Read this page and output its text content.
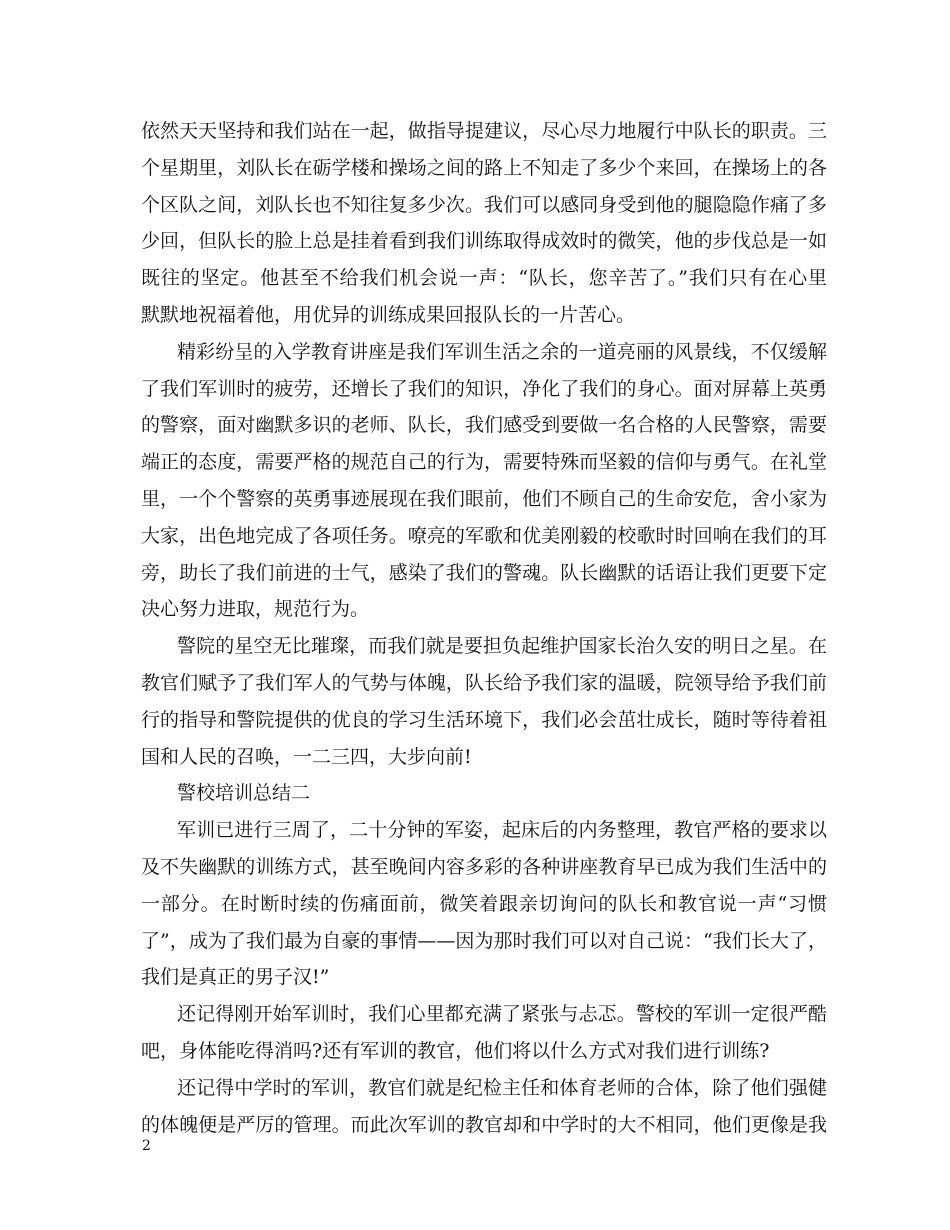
依然天天坚持和我们站在一起，做指导提建议，尽心尽力地履行中队长的职责。三
个星期里，刘队长在砺学楼和操场之间的路上不知走了多少个来回，在操场上的各
个区队之间，刘队长也不知往复多少次。我们可以感同身受到他的腿隐隐作痛了多
少回，但队长的脸上总是挂着看到我们训练取得成效时的微笑，他的步伐总是一如
既往的坚定。他甚至不给我们机会说一声：“队长，您辛苦了。”我们只有在心里
默默地祝福着他，用优异的训练成果回报队长的一片苦心。
精彩纷呈的入学教育讲座是我们军训生活之余的一道亮丽的风景线，不仅缓解
了我们军训时的疲劳，还增长了我们的知识，净化了我们的身心。面对屏幕上英勇
的警察，面对幽默多识的老师、队长，我们感受到要做一名合格的人民警察，需要
端正的态度，需要严格的规范自己的行为，需要特殊而坚毅的信仰与勇气。在礼堂
里，一个个警察的英勇事迹展现在我们眼前，他们不顾自己的生命安危，舍小家为
大家，出色地完成了各项任务。嘹亮的军歌和优美刚毅的校歌时时回响在我们的耳
旁，助长了我们前进的士气，感染了我们的警魂。队长幽默的话语让我们更要下定
决心努力进取，规范行为。
警院的星空无比璀璨，而我们就是要担负起维护国家长治久安的明日之星。在
教官们赋予了我们军人的气势与体魄，队长给予我们家的温暖，院领导给予我们前
行的指导和警院提供的优良的学习生活环境下，我们必会茁壮成长，随时等待着祖
国和人民的召唤，一二三四，大步向前!
警校培训总结二
军训已进行三周了，二十分钟的军姿，起床后的内务整理，教官严格的要求以
及不失幽默的训练方式，甚至晚间内容多彩的各种讲座教育早已成为我们生活中的
一部分。在时断时续的伤痛面前，微笑着跟亲切询问的队长和教官说一声“习惯
了”，成为了我们最为自豪的事情——因为那时我们可以对自己说：“我们长大了，
我们是真正的男子汉!”
还记得刚开始军训时，我们心里都充满了紧张与忐忑。警校的军训一定很严酷
吧，身体能吃得消吗?还有军训的教官，他们将以什么方式对我们进行训练?
还记得中学时的军训，教官们就是纪检主任和体育老师的合体，除了他们强健
的体魄便是严厉的管理。而此次军训的教官却和中学时的大不相同，他们更像是我
2
